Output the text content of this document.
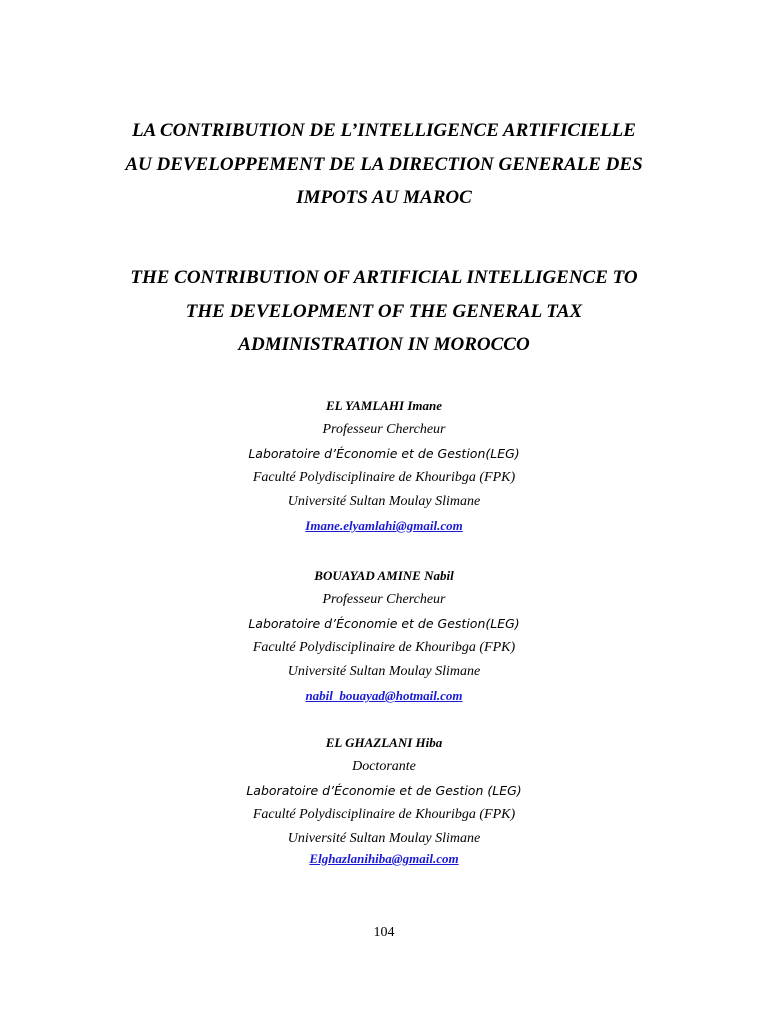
LA CONTRIBUTION DE L’INTELLIGENCE ARTIFICIELLE
AU DEVELOPPEMENT DE LA DIRECTION GENERALE DES
IMPOTS AU MAROC
THE CONTRIBUTION OF ARTIFICIAL INTELLIGENCE TO
THE DEVELOPMENT OF THE GENERAL TAX
ADMINISTRATION IN MOROCCO
EL YAMLAHI Imane
Professeur Chercheur
Laboratoire d’Économie et de Gestion(LEG)
Faculté Polydisciplinaire de Khouribga (FPK)
Université Sultan Moulay Slimane
Imane.elyamlahi@gmail.com
BOUAYAD AMINE Nabil
Professeur Chercheur
Laboratoire d’Économie et de Gestion(LEG)
Faculté Polydisciplinaire de Khouribga (FPK)
Université Sultan Moulay Slimane
nabil_bouayad@hotmail.com
EL GHAZLANI Hiba
Doctorante
Laboratoire d’Économie et de Gestion (LEG)
Faculté Polydisciplinaire de Khouribga (FPK)
Université Sultan Moulay Slimane
Elghazlanihiba@gmail.com
104
